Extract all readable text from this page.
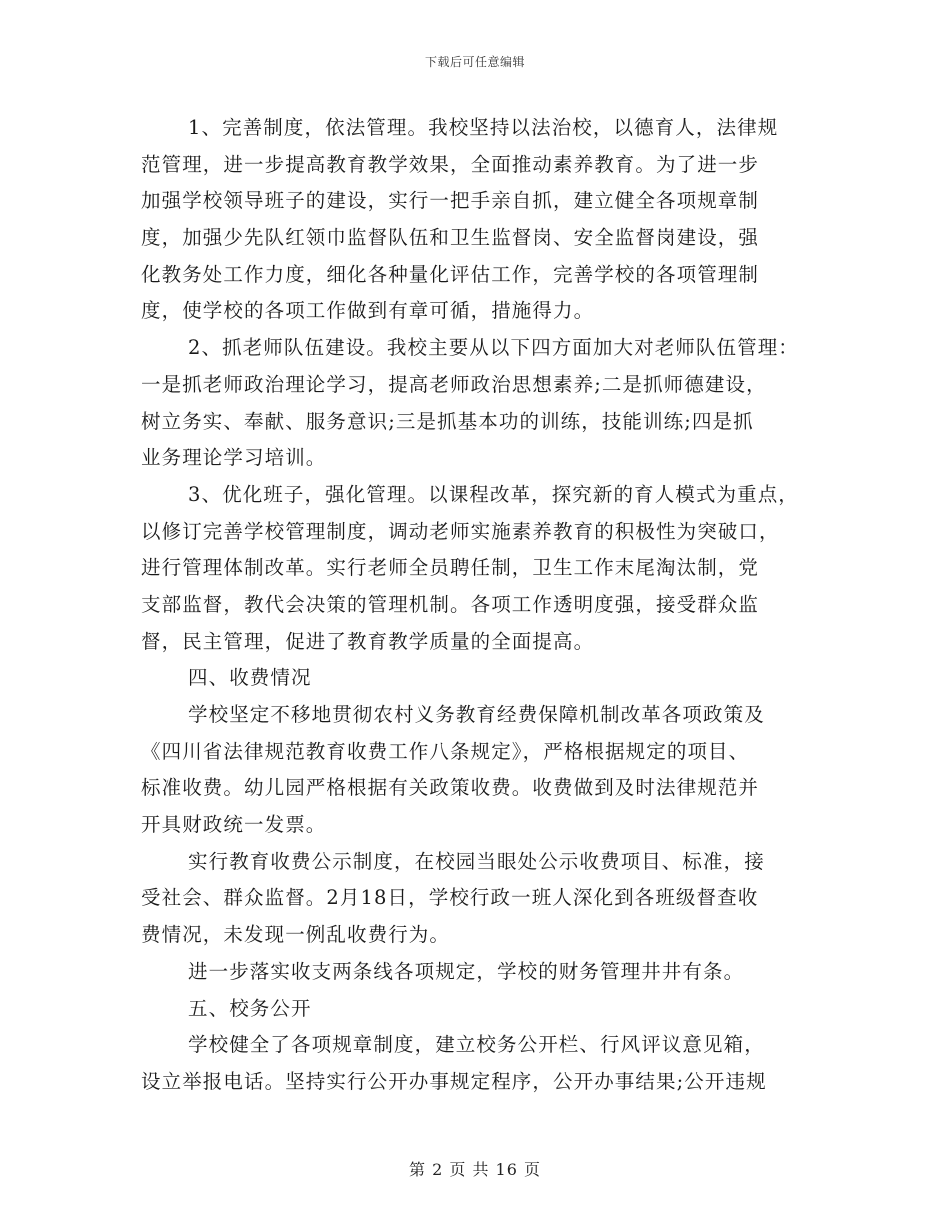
下载后可任意编辑
1、完善制度，依法管理。我校坚持以法治校，以德育人，法律规
范管理，进一步提高教育教学效果，全面推动素养教育。为了进一步
加强学校领导班子的建设，实行一把手亲自抓，建立健全各项规章制
度，加强少先队红领巾监督队伍和卫生监督岗、安全监督岗建设，强
化教务处工作力度，细化各种量化评估工作，完善学校的各项管理制
度，使学校的各项工作做到有章可循，措施得力。
2、抓老师队伍建设。我校主要从以下四方面加大对老师队伍管理：
一是抓老师政治理论学习，提高老师政治思想素养;二是抓师德建设，
树立务实、奉献、服务意识;三是抓基本功的训练，技能训练;四是抓
业务理论学习培训。
3、优化班子，强化管理。以课程改革，探究新的育人模式为重点，
以修订完善学校管理制度，调动老师实施素养教育的积极性为突破口，
进行管理体制改革。实行老师全员聘任制，卫生工作末尾淘汰制，党
支部监督，教代会决策的管理机制。各项工作透明度强，接受群众监
督，民主管理，促进了教育教学质量的全面提高。
四、收费情况
学校坚定不移地贯彻农村义务教育经费保障机制改革各项政策及
《四川省法律规范教育收费工作八条规定》，严格根据规定的项目、
标准收费。幼儿园严格根据有关政策收费。收费做到及时法律规范并
开具财政统一发票。
实行教育收费公示制度，在校园当眼处公示收费项目、标准，接
受社会、群众监督。2月18日，学校行政一班人深化到各班级督查收
费情况，未发现一例乱收费行为。
进一步落实收支两条线各项规定，学校的财务管理井井有条。
五、校务公开
学校健全了各项规章制度，建立校务公开栏、行风评议意见箱，
设立举报电话。坚持实行公开办事规定程序，公开办事结果;公开违规
第 2 页 共 16 页
